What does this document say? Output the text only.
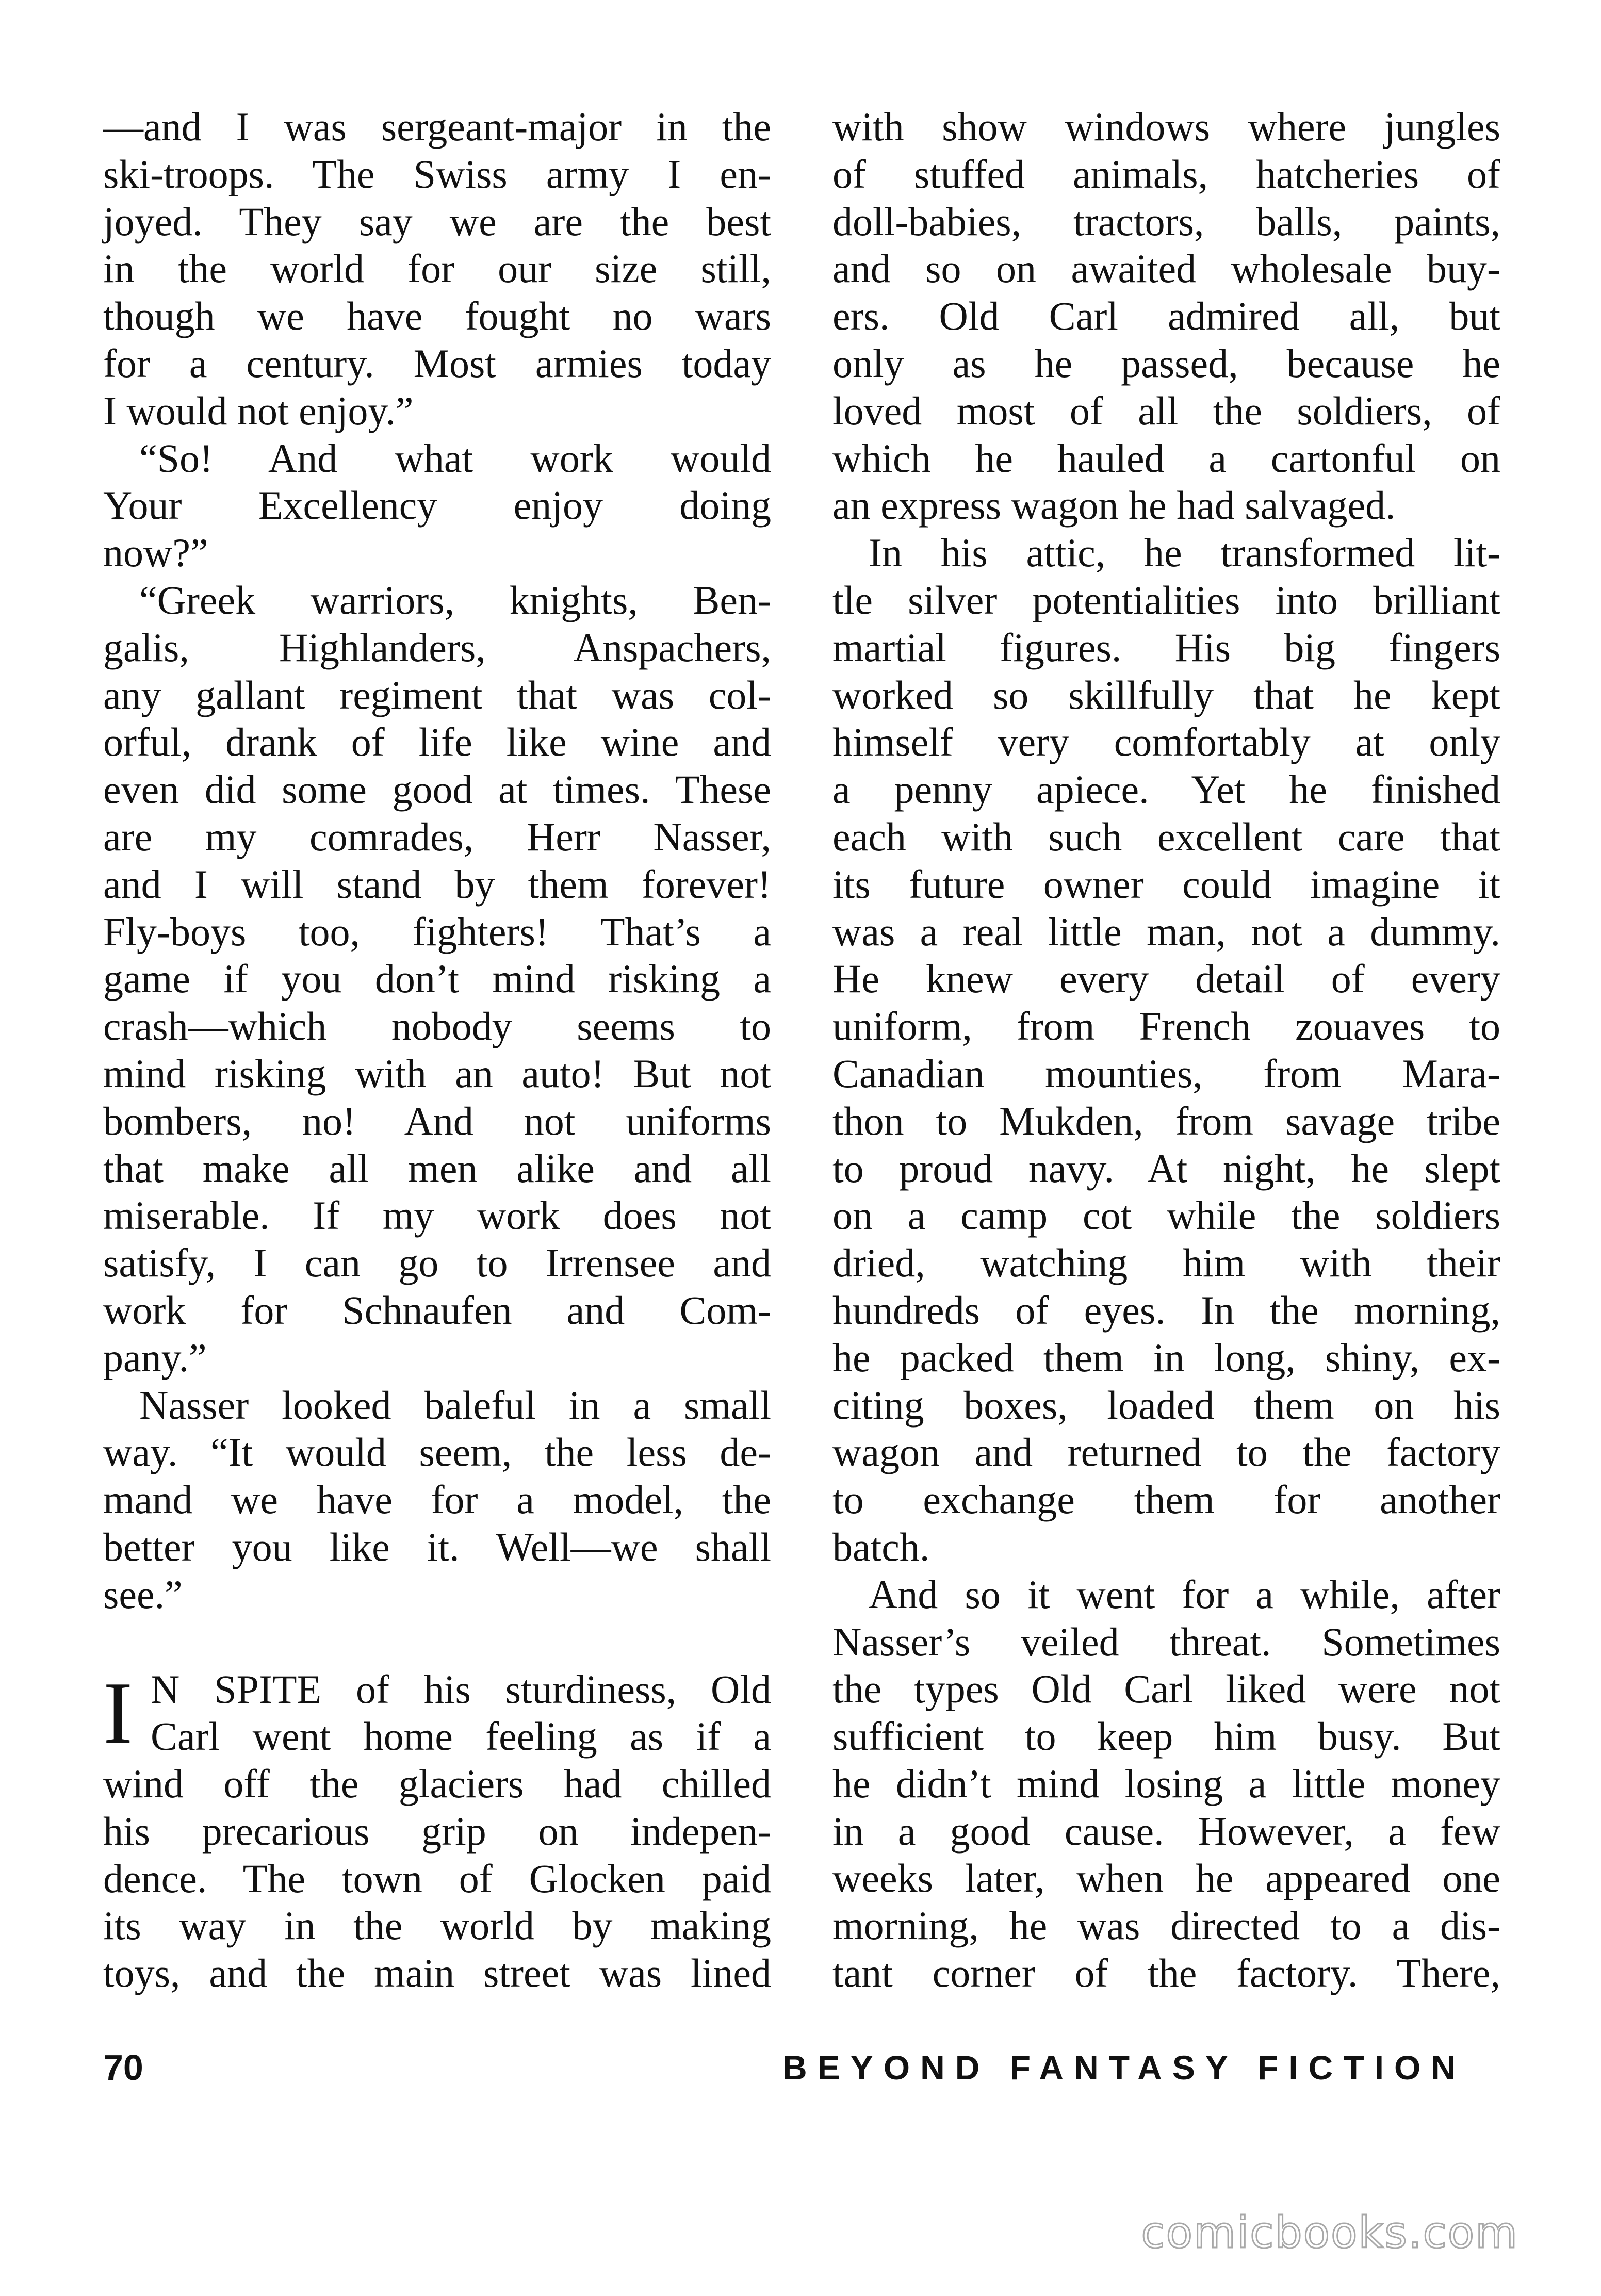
—and I was sergeant-major in the
ski-troops. The Swiss army I en-
joyed. They say we are the best
in the world for our size still,
though we have fought no wars
for a century. Most armies today
I would not enjoy.”
“So! And what work would
Your Excellency enjoy doing
now?”
“Greek warriors, knights, Ben-
galis, Highlanders, Anspachers,
any gallant regiment that was col-
orful, drank of life like wine and
even did some good at times. These
are my comrades, Herr Nasser,
and I will stand by them forever!
Fly-boys too, fighters! That’s a
game if you don’t mind risking a
crash—which nobody seems to
mind risking with an auto! But not
bombers, no! And not uniforms
that make all men alike and all
miserable. If my work does not
satisfy, I can go to Irrensee and
work for Schnaufen and Com-
pany.”
Nasser looked baleful in a small
way. “It would seem, the less de-
mand we have for a model, the
better you like it. Well—we shall
see.”
I N SPITE of his sturdiness, Old
Carl went home feeling as if a
wind off the glaciers had chilled
his precarious grip on indepen-
dence. The town of Glocken paid
its way in the world by making
toys, and the main street was lined
with show windows where jungles
of stuffed animals, hatcheries of
doll-babies, tractors, balls, paints,
and so on awaited wholesale buy-
ers. Old Carl admired all, but
only as he passed, because he
loved most of all the soldiers, of
which he hauled a cartonful on
an express wagon he had salvaged.
In his attic, he transformed lit-
tle silver potentialities into brilliant
martial figures. His big fingers
worked so skillfully that he kept
himself very comfortably at only
a penny apiece. Yet he finished
each with such excellent care that
its future owner could imagine it
was a real little man, not a dummy.
He knew every detail of every
uniform, from French zouaves to
Canadian mounties, from Mara-
thon to Mukden, from savage tribe
to proud navy. At night, he slept
on a camp cot while the soldiers
dried, watching him with their
hundreds of eyes. In the morning,
he packed them in long, shiny, ex-
citing boxes, loaded them on his
wagon and returned to the factory
to exchange them for another
batch.
And so it went for a while, after
Nasser’s veiled threat. Sometimes
the types Old Carl liked were not
sufficient to keep him busy. But
he didn’t mind losing a little money
in a good cause. However, a few
weeks later, when he appeared one
morning, he was directed to a dis-
tant corner of the factory. There,
70	BEYOND FANTASY FICTION
comicbooks.com
